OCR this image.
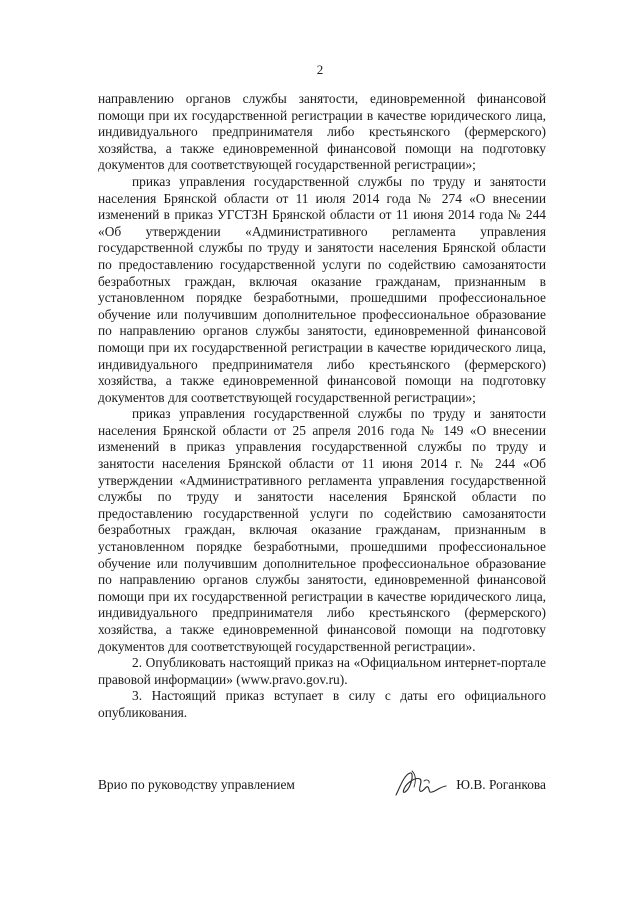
2

направлению органов службы занятости, единовременной финансовой помощи при их государственной регистрации в качестве юридического лица, индивидуального предпринимателя либо крестьянского (фермерского) хозяйства, а также единовременной финансовой помощи на подготовку документов для соответствующей государственной регистрации»;

приказ управления государственной службы по труду и занятости населения Брянской области от 11 июля 2014 года № 274 «О внесении изменений в приказ УГСТЗН Брянской области от 11 июня 2014 года № 244 «Об утверждении «Административного регламента управления государственной службы по труду и занятости населения Брянской области по предоставлению государственной услуги по содействию самозанятости безработных граждан, включая оказание гражданам, признанным в установленном порядке безработными, прошедшими профессиональное обучение или получившим дополнительное профессиональное образование по направлению органов службы занятости, единовременной финансовой помощи при их государственной регистрации в качестве юридического лица, индивидуального предпринимателя либо крестьянского (фермерского) хозяйства, а также единовременной финансовой помощи на подготовку документов для соответствующей государственной регистрации»;

приказ управления государственной службы по труду и занятости населения Брянской области от 25 апреля 2016 года № 149 «О внесении изменений в приказ управления государственной службы по труду и занятости населения Брянской области от 11 июня 2014 г. № 244 «Об утверждении «Административного регламента управления государственной службы по труду и занятости населения Брянской области по предоставлению государственной услуги по содействию самозанятости безработных граждан, включая оказание гражданам, признанным в установленном порядке безработными, прошедшими профессиональное обучение или получившим дополнительное профессиональное образование по направлению органов службы занятости, единовременной финансовой помощи при их государственной регистрации в качестве юридического лица, индивидуального предпринимателя либо крестьянского (фермерского) хозяйства, а также единовременной финансовой помощи на подготовку документов для соответствующей государственной регистрации».

2. Опубликовать настоящий приказ на «Официальном интернет-портале правовой информации» (www.pravo.gov.ru).

3. Настоящий приказ вступает в силу с даты его официального опубликования.

Врио по руководству управлением	Ю.В. Роганкова
